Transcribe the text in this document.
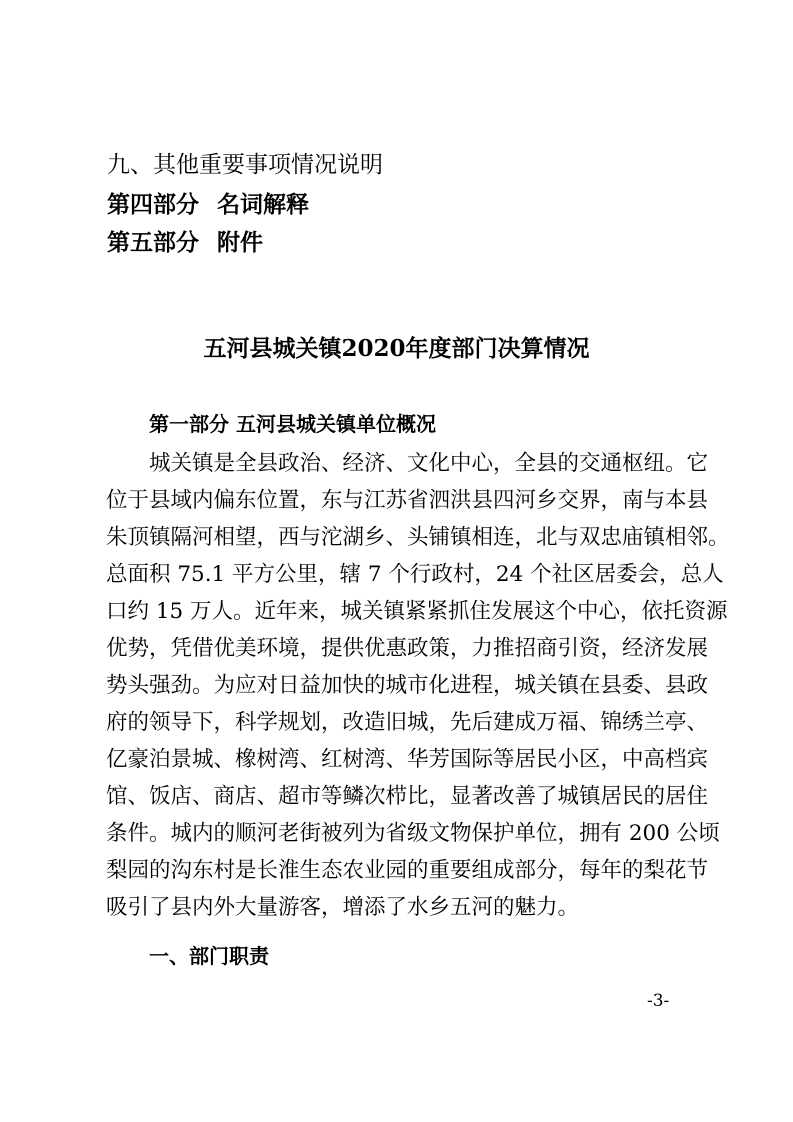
九、其他重要事项情况说明
第四部分 名词解释
第五部分 附件
五河县城关镇2020年度部门决算情况
第一部分 五河县城关镇单位概况
城关镇是全县政治、经济、文化中心，全县的交通枢纽。它
位于县域内偏东位置，东与江苏省泗洪县四河乡交界，南与本县
朱顶镇隔河相望，西与沱湖乡、头铺镇相连，北与双忠庙镇相邻。
总面积 75.1 平方公里，辖 7 个行政村，24 个社区居委会，总人
口约 15 万人。近年来，城关镇紧紧抓住发展这个中心，依托资源
优势，凭借优美环境，提供优惠政策，力推招商引资，经济发展
势头强劲。为应对日益加快的城市化进程，城关镇在县委、县政
府的领导下，科学规划，改造旧城，先后建成万福、锦绣兰亭、
亿豪泊景城、橡树湾、红树湾、华芳国际等居民小区，中高档宾
馆、饭店、商店、超市等鳞次栉比，显著改善了城镇居民的居住
条件。城内的顺河老街被列为省级文物保护单位，拥有 200 公顷
梨园的沟东村是长淮生态农业园的重要组成部分，每年的梨花节
吸引了县内外大量游客，增添了水乡五河的魅力。
一、部门职责
-3-
